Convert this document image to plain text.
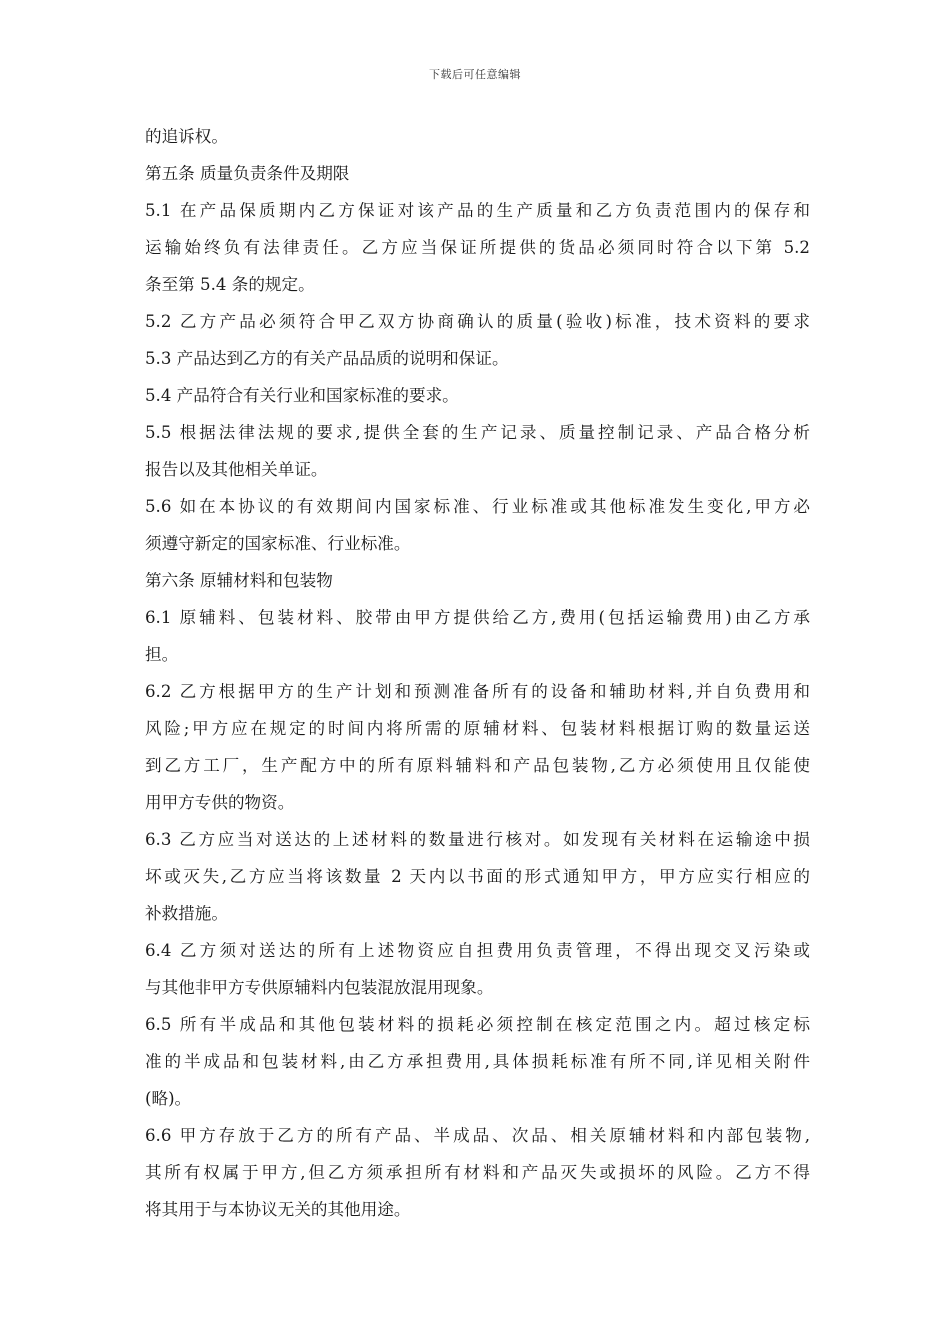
下载后可任意编辑
的追诉权。
第五条 质量负责条件及期限
5.1 在产品保质期内乙方保证对该产品的生产质量和乙方负责范围内的保存和
运输始终负有法律责任。乙方应当保证所提供的货品必须同时符合以下第 5.2
条至第 5.4 条的规定。
5.2 乙方产品必须符合甲乙双方协商确认的质量(验收)标准，技术资料的要求
5.3 产品达到乙方的有关产品品质的说明和保证。
5.4 产品符合有关行业和国家标准的要求。
5.5 根据法律法规的要求,提供全套的生产记录、质量控制记录、产品合格分析
报告以及其他相关单证。
5.6 如在本协议的有效期间内国家标准、行业标准或其他标准发生变化,甲方必
须遵守新定的国家标准、行业标准。
第六条 原辅材料和包装物
6.1 原辅料、包装材料、胶带由甲方提供给乙方,费用(包括运输费用)由乙方承
担。
6.2 乙方根据甲方的生产计划和预测准备所有的设备和辅助材料,并自负费用和
风险;甲方应在规定的时间内将所需的原辅材料、包装材料根据订购的数量运送
到乙方工厂，生产配方中的所有原料辅料和产品包装物,乙方必须使用且仅能使
用甲方专供的物资。
6.3 乙方应当对送达的上述材料的数量进行核对。如发现有关材料在运输途中损
坏或灭失,乙方应当将该数量 2 天内以书面的形式通知甲方，甲方应实行相应的
补救措施。
6.4 乙方须对送达的所有上述物资应自担费用负责管理，不得出现交叉污染或
与其他非甲方专供原辅料内包装混放混用现象。
6.5 所有半成品和其他包装材料的损耗必须控制在核定范围之内。超过核定标
准的半成品和包装材料,由乙方承担费用,具体损耗标准有所不同,详见相关附件
(略)。
6.6 甲方存放于乙方的所有产品、半成品、次品、相关原辅材料和内部包装物,
其所有权属于甲方,但乙方须承担所有材料和产品灭失或损坏的风险。乙方不得
将其用于与本协议无关的其他用途。
